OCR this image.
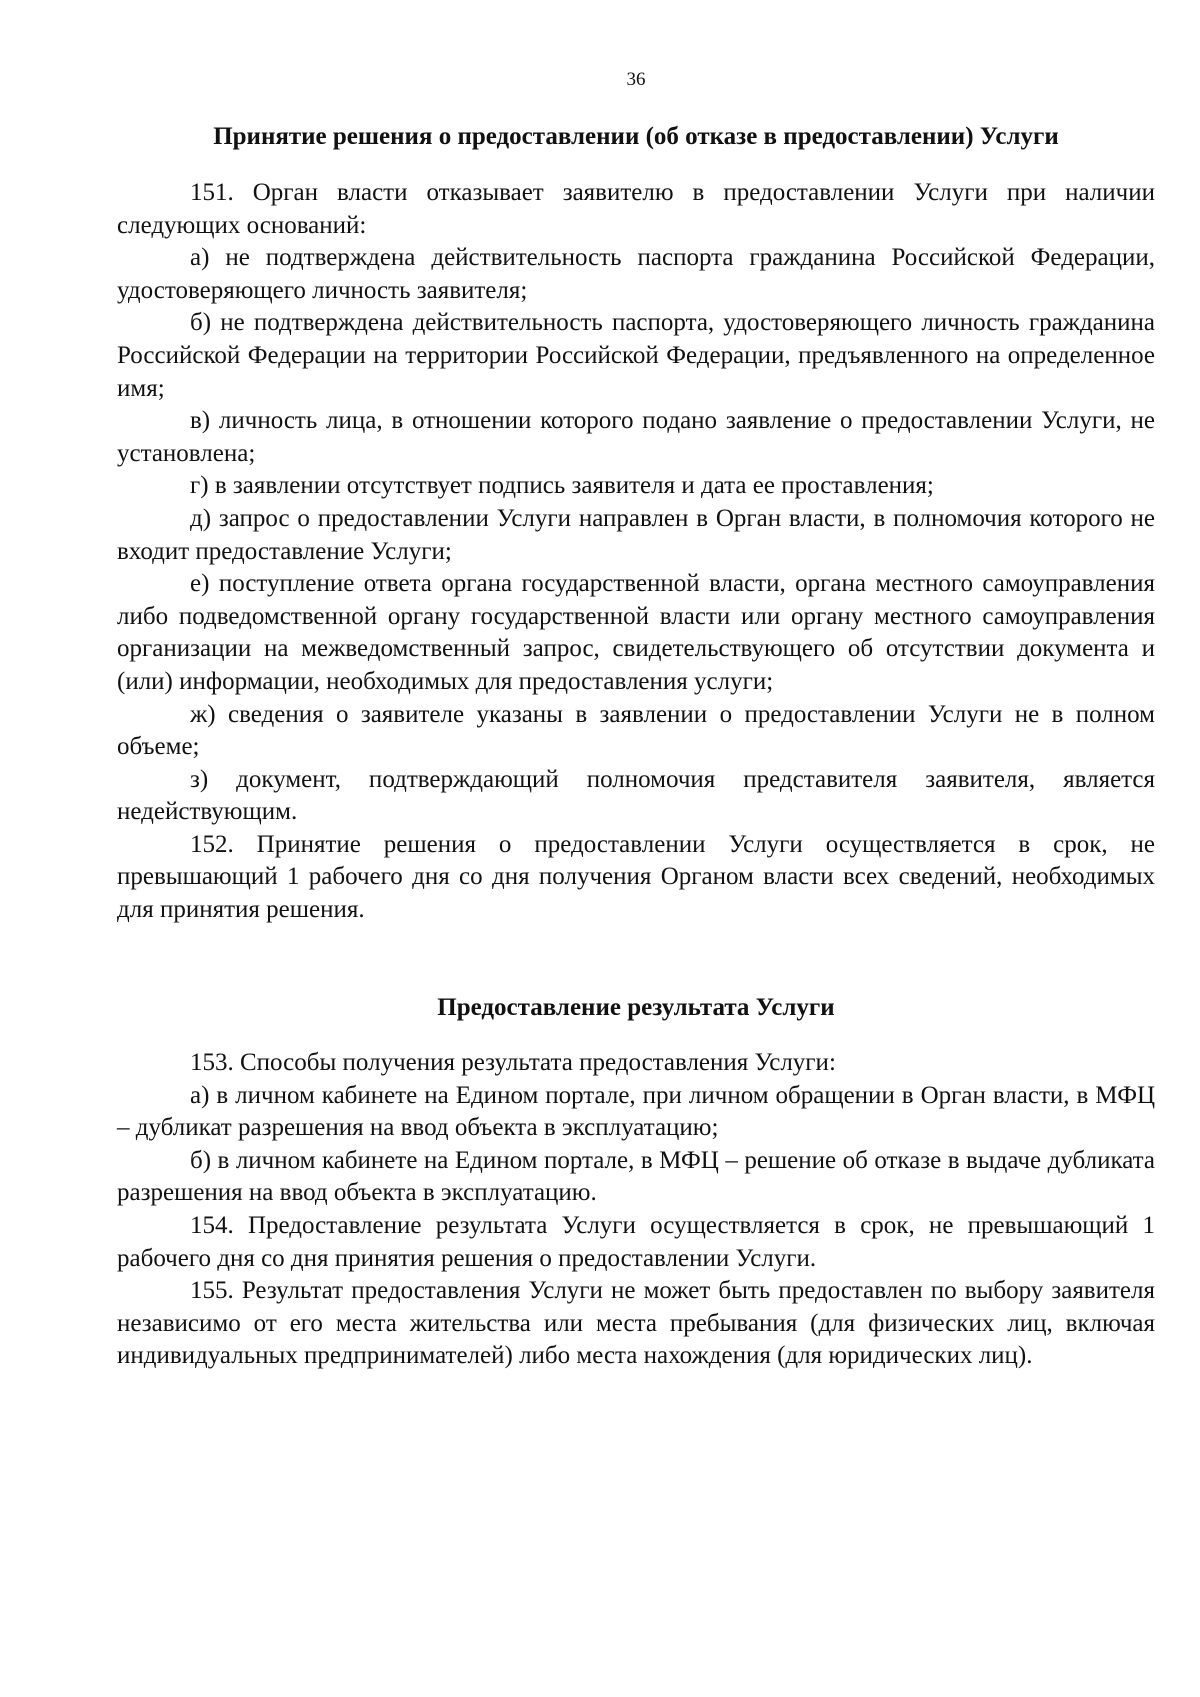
36
Принятие решения о предоставлении (об отказе в предоставлении) Услуги

151. Орган власти отказывает заявителю в предоставлении Услуги при наличии следующих оснований:

а) не подтверждена действительность паспорта гражданина Российской Федерации, удостоверяющего личность заявителя;

б) не подтверждена действительность паспорта, удостоверяющего личность гражданина Российской Федерации на территории Российской Федерации, предъявленного на определенное имя;

в) личность лица, в отношении которого подано заявление о предоставлении Услуги, не установлена;

г) в заявлении отсутствует подпись заявителя и дата ее проставления;

д) запрос о предоставлении Услуги направлен в Орган власти, в полномочия которого не входит предоставление Услуги;

е) поступление ответа органа государственной власти, органа местного самоуправления либо подведомственной органу государственной власти или органу местного самоуправления организации на межведомственный запрос, свидетельствующего об отсутствии документа и (или) информации, необходимых для предоставления услуги;

ж) сведения о заявителе указаны в заявлении о предоставлении Услуги не в полном объеме;

з) документ, подтверждающий полномочия представителя заявителя, является недействующим.

152. Принятие решения о предоставлении Услуги осуществляется в срок, не превышающий 1 рабочего дня со дня получения Органом власти всех сведений, необходимых для принятия решения.

Предоставление результата Услуги

153. Способы получения результата предоставления Услуги:

а) в личном кабинете на Едином портале, при личном обращении в Орган власти, в МФЦ – дубликат разрешения на ввод объекта в эксплуатацию;

б) в личном кабинете на Едином портале, в МФЦ – решение об отказе в выдаче дубликата разрешения на ввод объекта в эксплуатацию.

154. Предоставление результата Услуги осуществляется в срок, не превышающий 1 рабочего дня со дня принятия решения о предоставлении Услуги.

155. Результат предоставления Услуги не может быть предоставлен по выбору заявителя независимо от его места жительства или места пребывания (для физических лиц, включая индивидуальных предпринимателей) либо места нахождения (для юридических лиц).
